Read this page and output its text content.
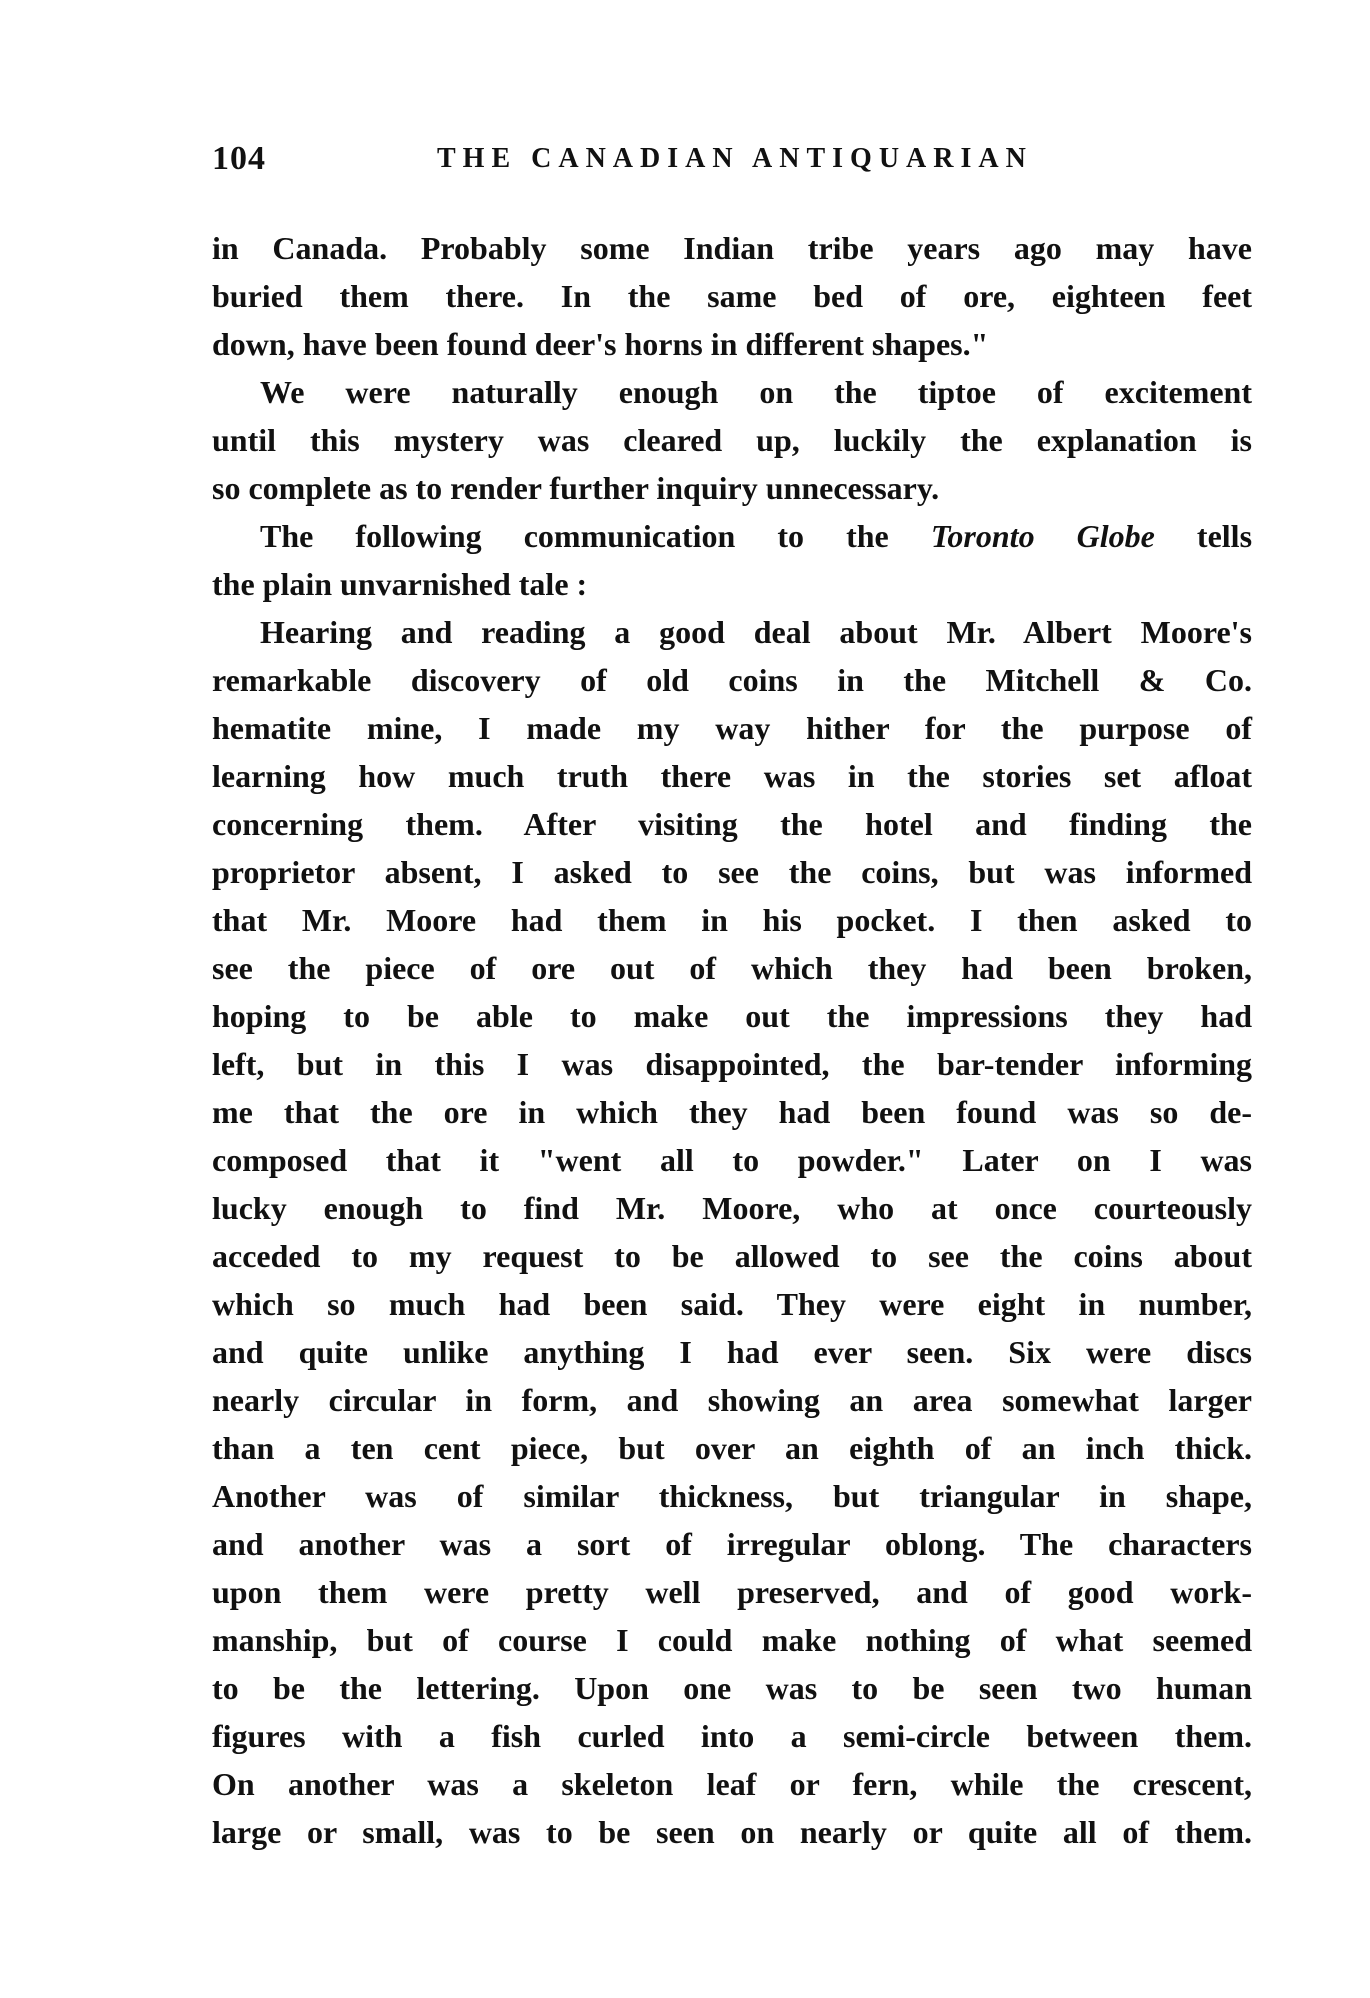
104	THE CANADIAN ANTIQUARIAN
in Canada. Probably some Indian tribe years ago may have
buried them there. In the same bed of ore, eighteen feet
down, have been found deer's horns in different shapes."
We were naturally enough on the tiptoe of excitement
until this mystery was cleared up, luckily the explanation is
so complete as to render further inquiry unnecessary.
The following communication to the Toronto Globe tells
the plain unvarnished tale :
Hearing and reading a good deal about Mr. Albert Moore's
remarkable discovery of old coins in the Mitchell & Co.
hematite mine, I made my way hither for the purpose of
learning how much truth there was in the stories set afloat
concerning them. After visiting the hotel and finding the
proprietor absent, I asked to see the coins, but was informed
that Mr. Moore had them in his pocket. I then asked to
see the piece of ore out of which they had been broken,
hoping to be able to make out the impressions they had
left, but in this I was disappointed, the bar-tender informing
me that the ore in which they had been found was so de-
composed that it "went all to powder." Later on I was
lucky enough to find Mr. Moore, who at once courteously
acceded to my request to be allowed to see the coins about
which so much had been said. They were eight in number,
and quite unlike anything I had ever seen. Six were discs
nearly circular in form, and showing an area somewhat larger
than a ten cent piece, but over an eighth of an inch thick.
Another was of similar thickness, but triangular in shape,
and another was a sort of irregular oblong. The characters
upon them were pretty well preserved, and of good work-
manship, but of course I could make nothing of what seemed
to be the lettering. Upon one was to be seen two human
figures with a fish curled into a semi-circle between them.
On another was a skeleton leaf or fern, while the crescent,
large or small, was to be seen on nearly or quite all of them.
